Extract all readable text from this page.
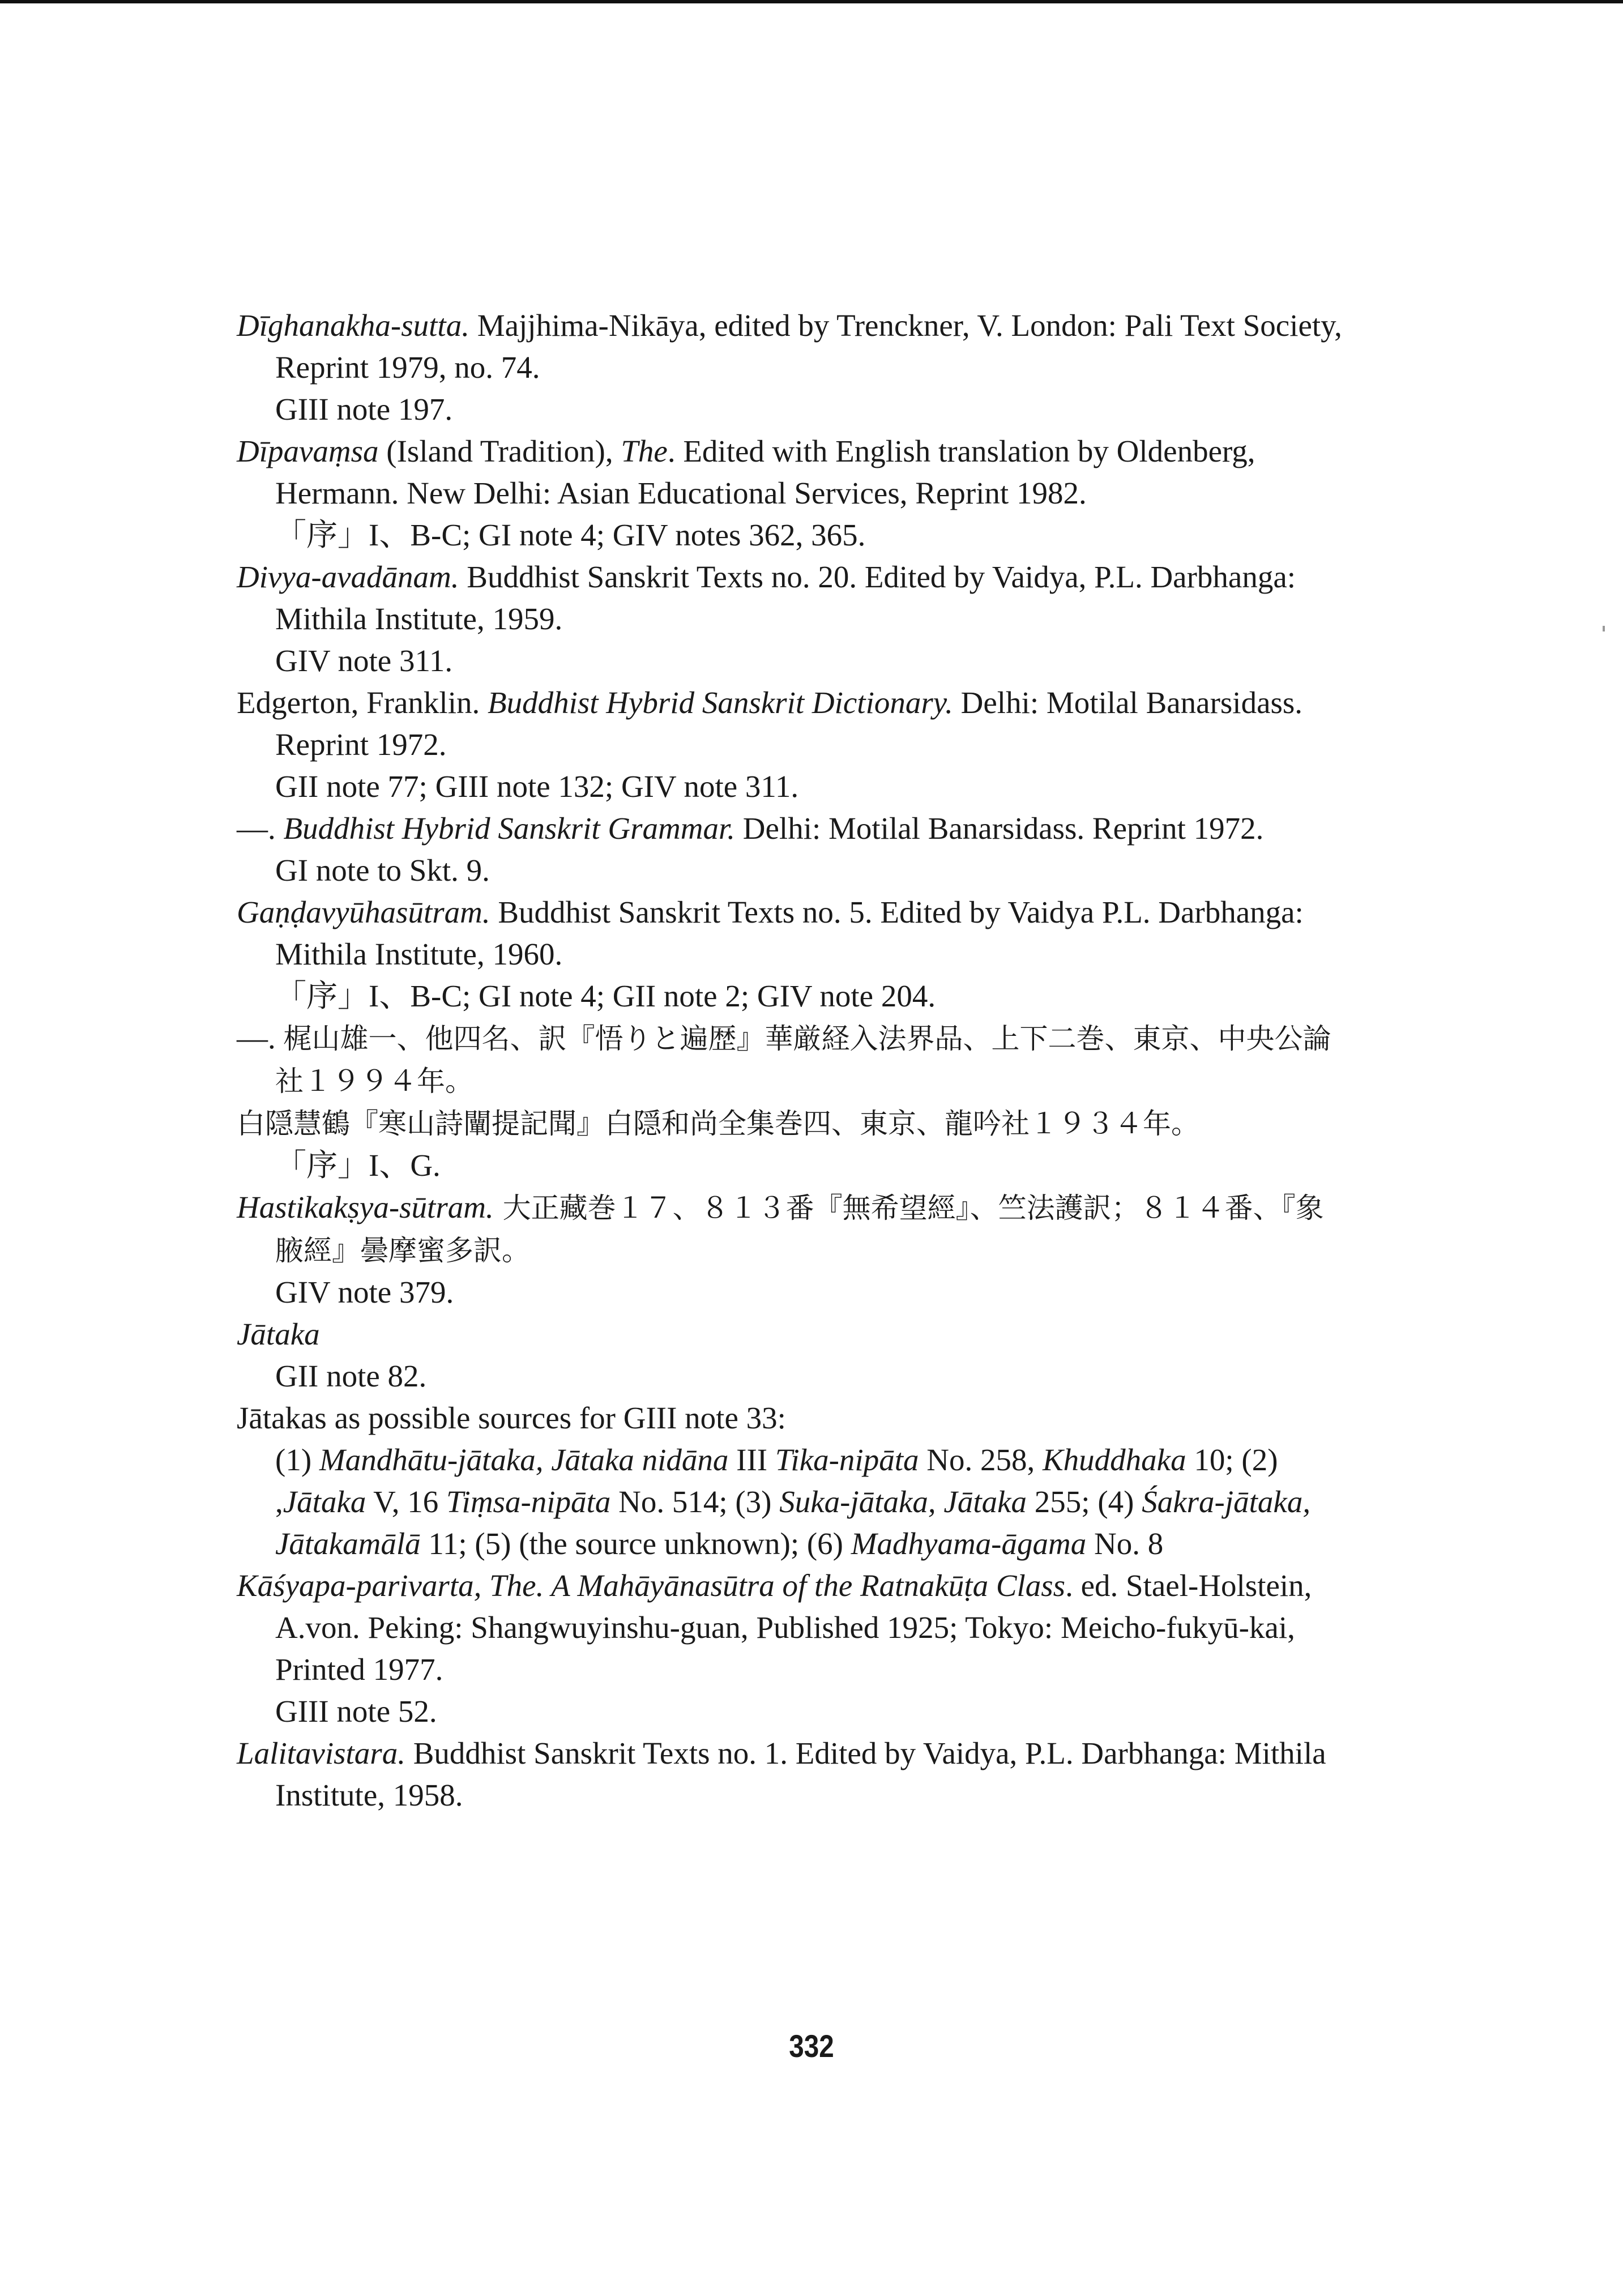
Dīghanakha-sutta. Majjhima-Nikāya, edited by Trenckner, V. London: Pali Text Society, Reprint 1979, no. 74.
GIII note 197.
Dīpavaṃsa (Island Tradition), The. Edited with English translation by Oldenberg, Hermann. New Delhi: Asian Educational Services, Reprint 1982.
「序」I、B-C; GI note 4; GIV notes 362, 365.
Divya-avadānam. Buddhist Sanskrit Texts no. 20. Edited by Vaidya, P.L. Darbhanga: Mithila Institute, 1959.
GIV note 311.
Edgerton, Franklin. Buddhist Hybrid Sanskrit Dictionary. Delhi: Motilal Banarsidass. Reprint 1972.
GII note 77; GIII note 132; GIV note 311.
—. Buddhist Hybrid Sanskrit Grammar. Delhi: Motilal Banarsidass. Reprint 1972.
GI note to Skt. 9.
Gaṇḍavyūhasūtram. Buddhist Sanskrit Texts no. 5. Edited by Vaidya P.L. Darbhanga: Mithila Institute, 1960.
「序」I、B-C; GI note 4; GII note 2; GIV note 204.
—. 梶山雄一、他四名、訳『悟りと遍歴』華厳経入法界品、上下二巻、東京、中央公論社１９９４年。
白隠慧鶴『寒山詩闡提記聞』白隠和尚全集巻四、東京、龍吟社１９３４年。
「序」I、G.
Hastikakṣya-sūtram. 大正藏巻１７、８１３番『無希望經』、竺法護訳；８１４番、『象腋經』曇摩蜜多訳。
GIV note 379.
Jātaka
GII note 82.
Jātakas as possible sources for GIII note 33:
(1) Mandhātu-jātaka, Jātaka nidāna III Tika-nipāta No. 258, Khuddhaka 10; (2) ,Jātaka V, 16 Tiṃsa-nipāta No. 514; (3) Suka-jātaka, Jātaka 255; (4) Śakra-jātaka, Jātakamālā 11; (5) (the source unknown); (6) Madhyama-āgama No. 8
Kāśyapa-parivarta, The. A Mahāyānasūtra of the Ratnakūṭa Class. ed. Stael-Holstein, A.von. Peking: Shangwuyinshu-guan, Published 1925; Tokyo: Meicho-fukyū-kai, Printed 1977.
GIII note 52.
Lalitavistara. Buddhist Sanskrit Texts no. 1. Edited by Vaidya, P.L. Darbhanga: Mithila Institute, 1958.
332
